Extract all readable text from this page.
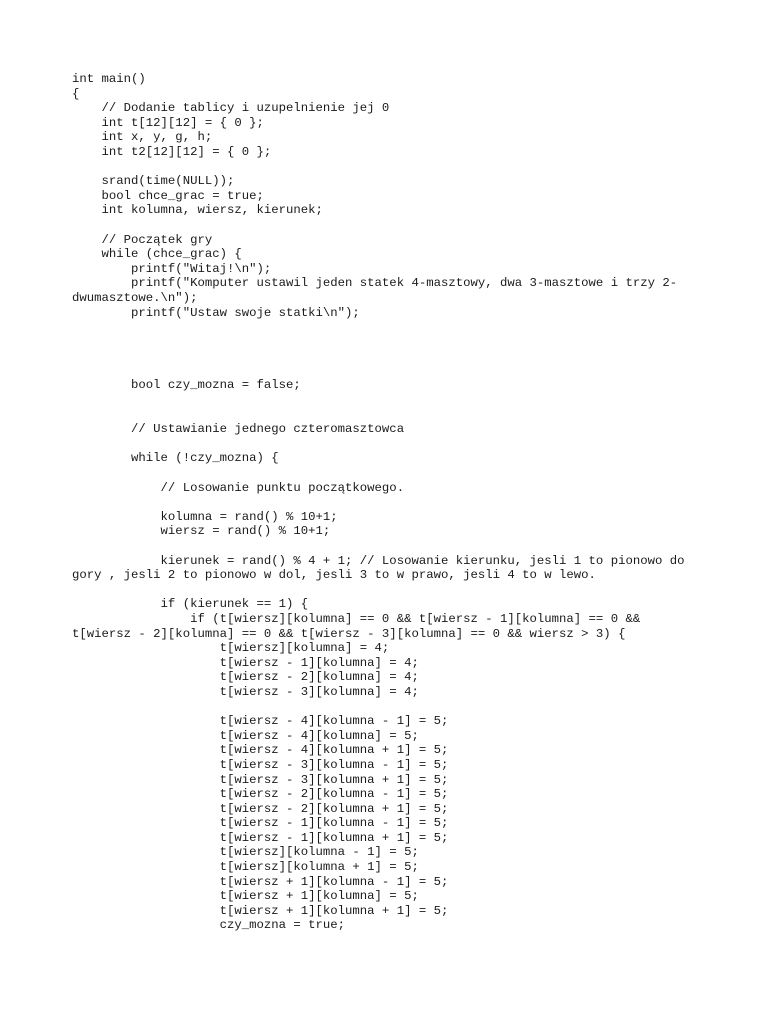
int main()
{
// Dodanie tablicy i uzupelnienie jej 0
int t[12][12] = { 0 };
int x, y, g, h;
int t2[12][12] = { 0 };
srand(time(NULL));
bool chce_grac = true;
int kolumna, wiersz, kierunek;
// Początek gry
while (chce_grac) {
printf("Witaj!\n");
printf("Komputer ustawil jeden statek 4-masztowy, dwa 3-masztowe i trzy 2-
dwumasztowe.\n");
printf("Ustaw swoje statki\n");
bool czy_mozna = false;
// Ustawianie jednego czteromasztowca
while (!czy_mozna) {
// Losowanie punktu początkowego.
kolumna = rand() % 10+1;
wiersz = rand() % 10+1;
kierunek = rand() % 4 + 1; // Losowanie kierunku, jesli 1 to pionowo do
gory , jesli 2 to pionowo w dol, jesli 3 to w prawo, jesli 4 to w lewo.
if (kierunek == 1) {
if (t[wiersz][kolumna] == 0 && t[wiersz - 1][kolumna] == 0 &&
t[wiersz - 2][kolumna] == 0 && t[wiersz - 3][kolumna] == 0 && wiersz > 3) {
t[wiersz][kolumna] = 4;
t[wiersz - 1][kolumna] = 4;
t[wiersz - 2][kolumna] = 4;
t[wiersz - 3][kolumna] = 4;
t[wiersz - 4][kolumna - 1] = 5;
t[wiersz - 4][kolumna] = 5;
t[wiersz - 4][kolumna + 1] = 5;
t[wiersz - 3][kolumna - 1] = 5;
t[wiersz - 3][kolumna + 1] = 5;
t[wiersz - 2][kolumna - 1] = 5;
t[wiersz - 2][kolumna + 1] = 5;
t[wiersz - 1][kolumna - 1] = 5;
t[wiersz - 1][kolumna + 1] = 5;
t[wiersz][kolumna - 1] = 5;
t[wiersz][kolumna + 1] = 5;
t[wiersz + 1][kolumna - 1] = 5;
t[wiersz + 1][kolumna] = 5;
t[wiersz + 1][kolumna + 1] = 5;
czy_mozna = true;
